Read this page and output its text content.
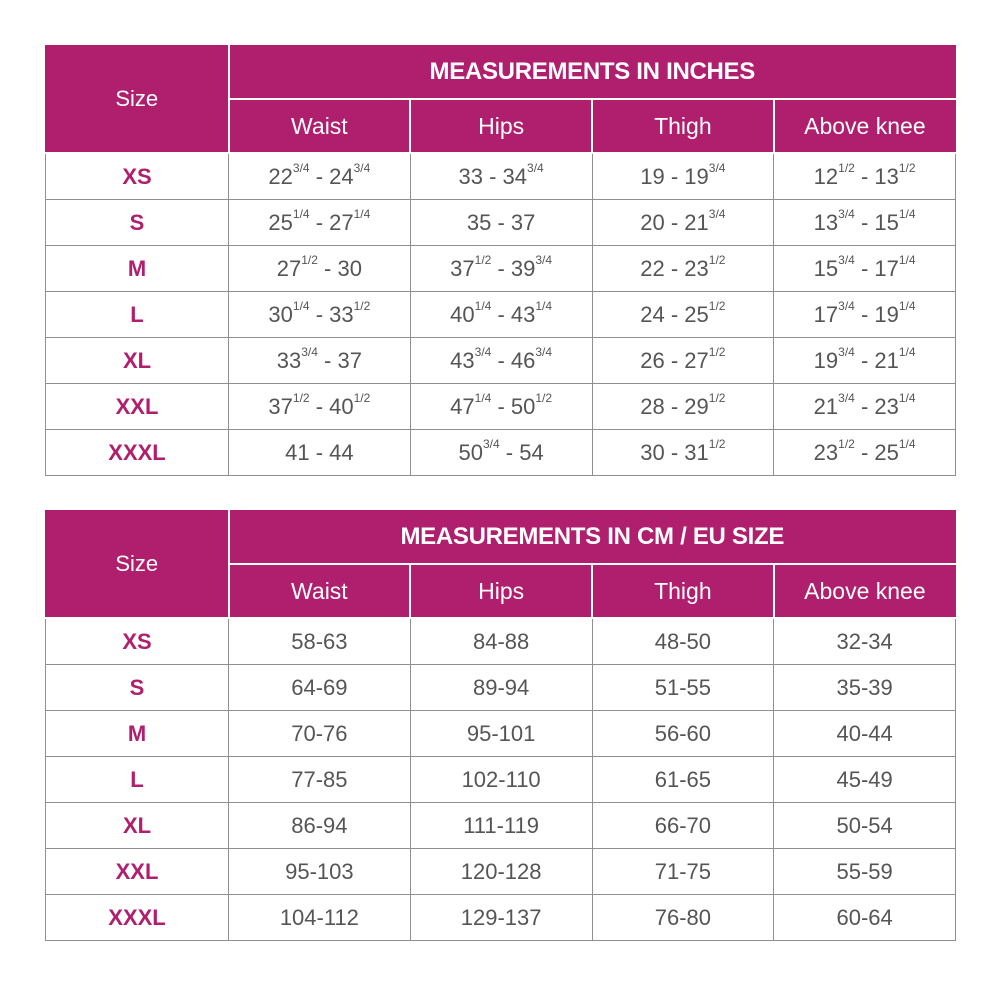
Size	MEASUREMENTS IN INCHES			
	Waist	Hips	Thigh	Above knee
XS	$22^{3/4} - 24^{3/4}$	$33 - 34^{3/4}$	$19 - 19^{3/4}$	$12^{1/2} - 13^{1/2}$
S	$25^{1/4} - 27^{1/4}$	35 - 37	$20 - 21^{3/4}$	$13^{3/4} - 15^{1/4}$
M	$27^{1/2} - 30$	$37^{1/2} - 39^{3/4}$	$22 - 23^{1/2}$	$15^{3/4} - 17^{1/4}$
L	$30^{1/4} - 33^{1/2}$	$40^{1/4} - 43^{1/4}$	$24 - 25^{1/2}$	$17^{3/4} - 19^{1/4}$
XL	$33^{3/4} - 37$	$43^{3/4} - 46^{3/4}$	$26 - 27^{1/2}$	$19^{3/4} - 21^{1/4}$
XXL	$37^{1/2} - 40^{1/2}$	$47^{1/4} - 50^{1/2}$	$28 - 29^{1/2}$	$21^{3/4} - 23^{1/4}$
XXXL	41 - 44	$50^{3/4} - 54$	$30 - 31^{1/2}$	$23^{1/2} - 25^{1/4}$
Size	MEASUREMENTS IN CM / EU SIZE			
	Waist	Hips	Thigh	Above knee
XS	58-63	84-88	48-50	32-34
S	64-69	89-94	51-55	35-39
M	70-76	95-101	56-60	40-44
L	77-85	102-110	61-65	45-49
XL	86-94	111-119	66-70	50-54
XXL	95-103	120-128	71-75	55-59
XXXL	104-112	129-137	76-80	60-64
